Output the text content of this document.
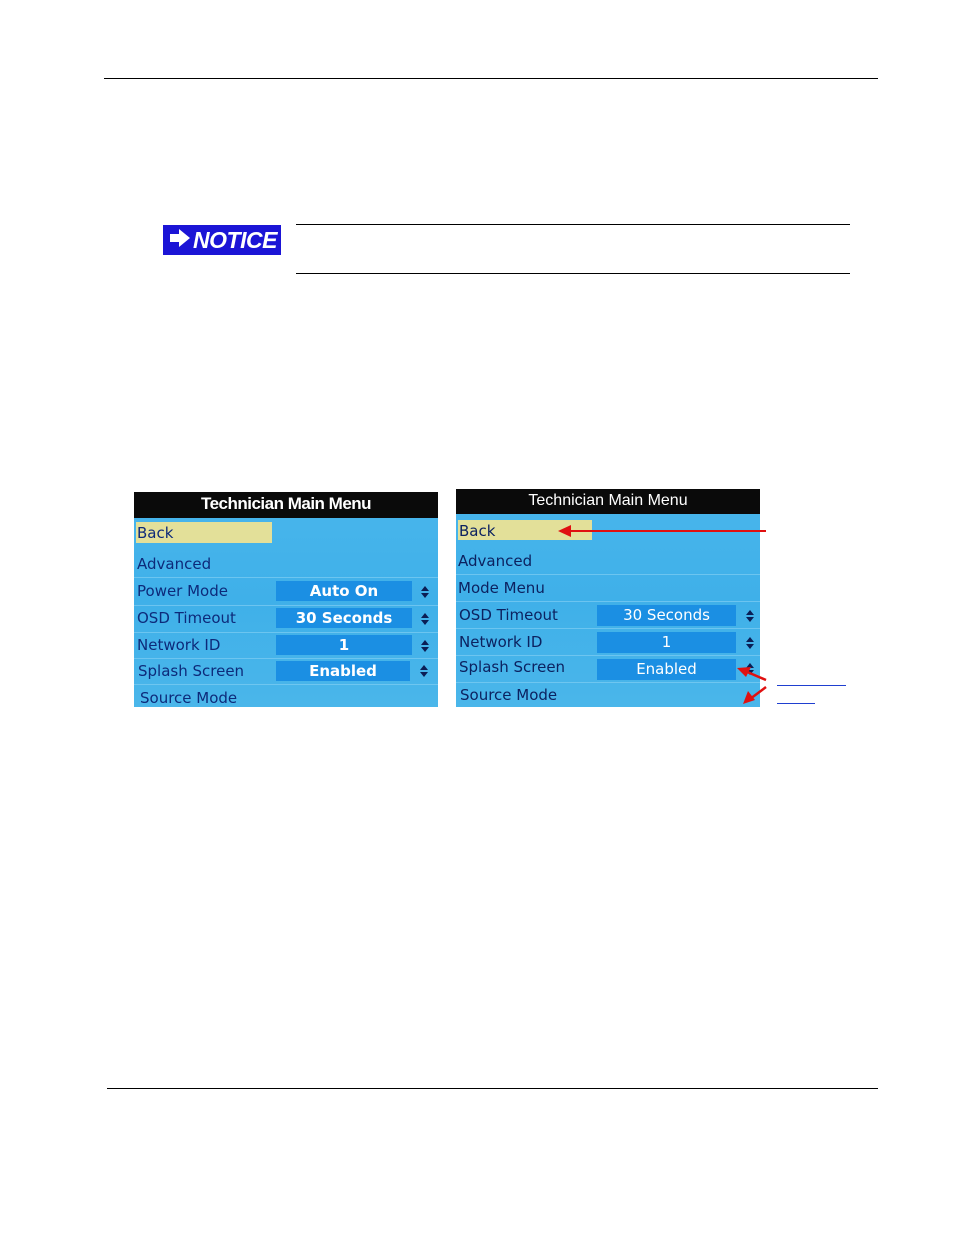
NOTICE
Technician Main Menu
Back
Advanced
Power Mode	Auto On
OSD Timeout	30 Seconds
Network ID	1
Splash Screen	Enabled
Source Mode
Technician Main Menu
Back
Advanced
Mode Menu
OSD Timeout	30 Seconds
Network ID	1
Splash Screen	Enabled
Source Mode
